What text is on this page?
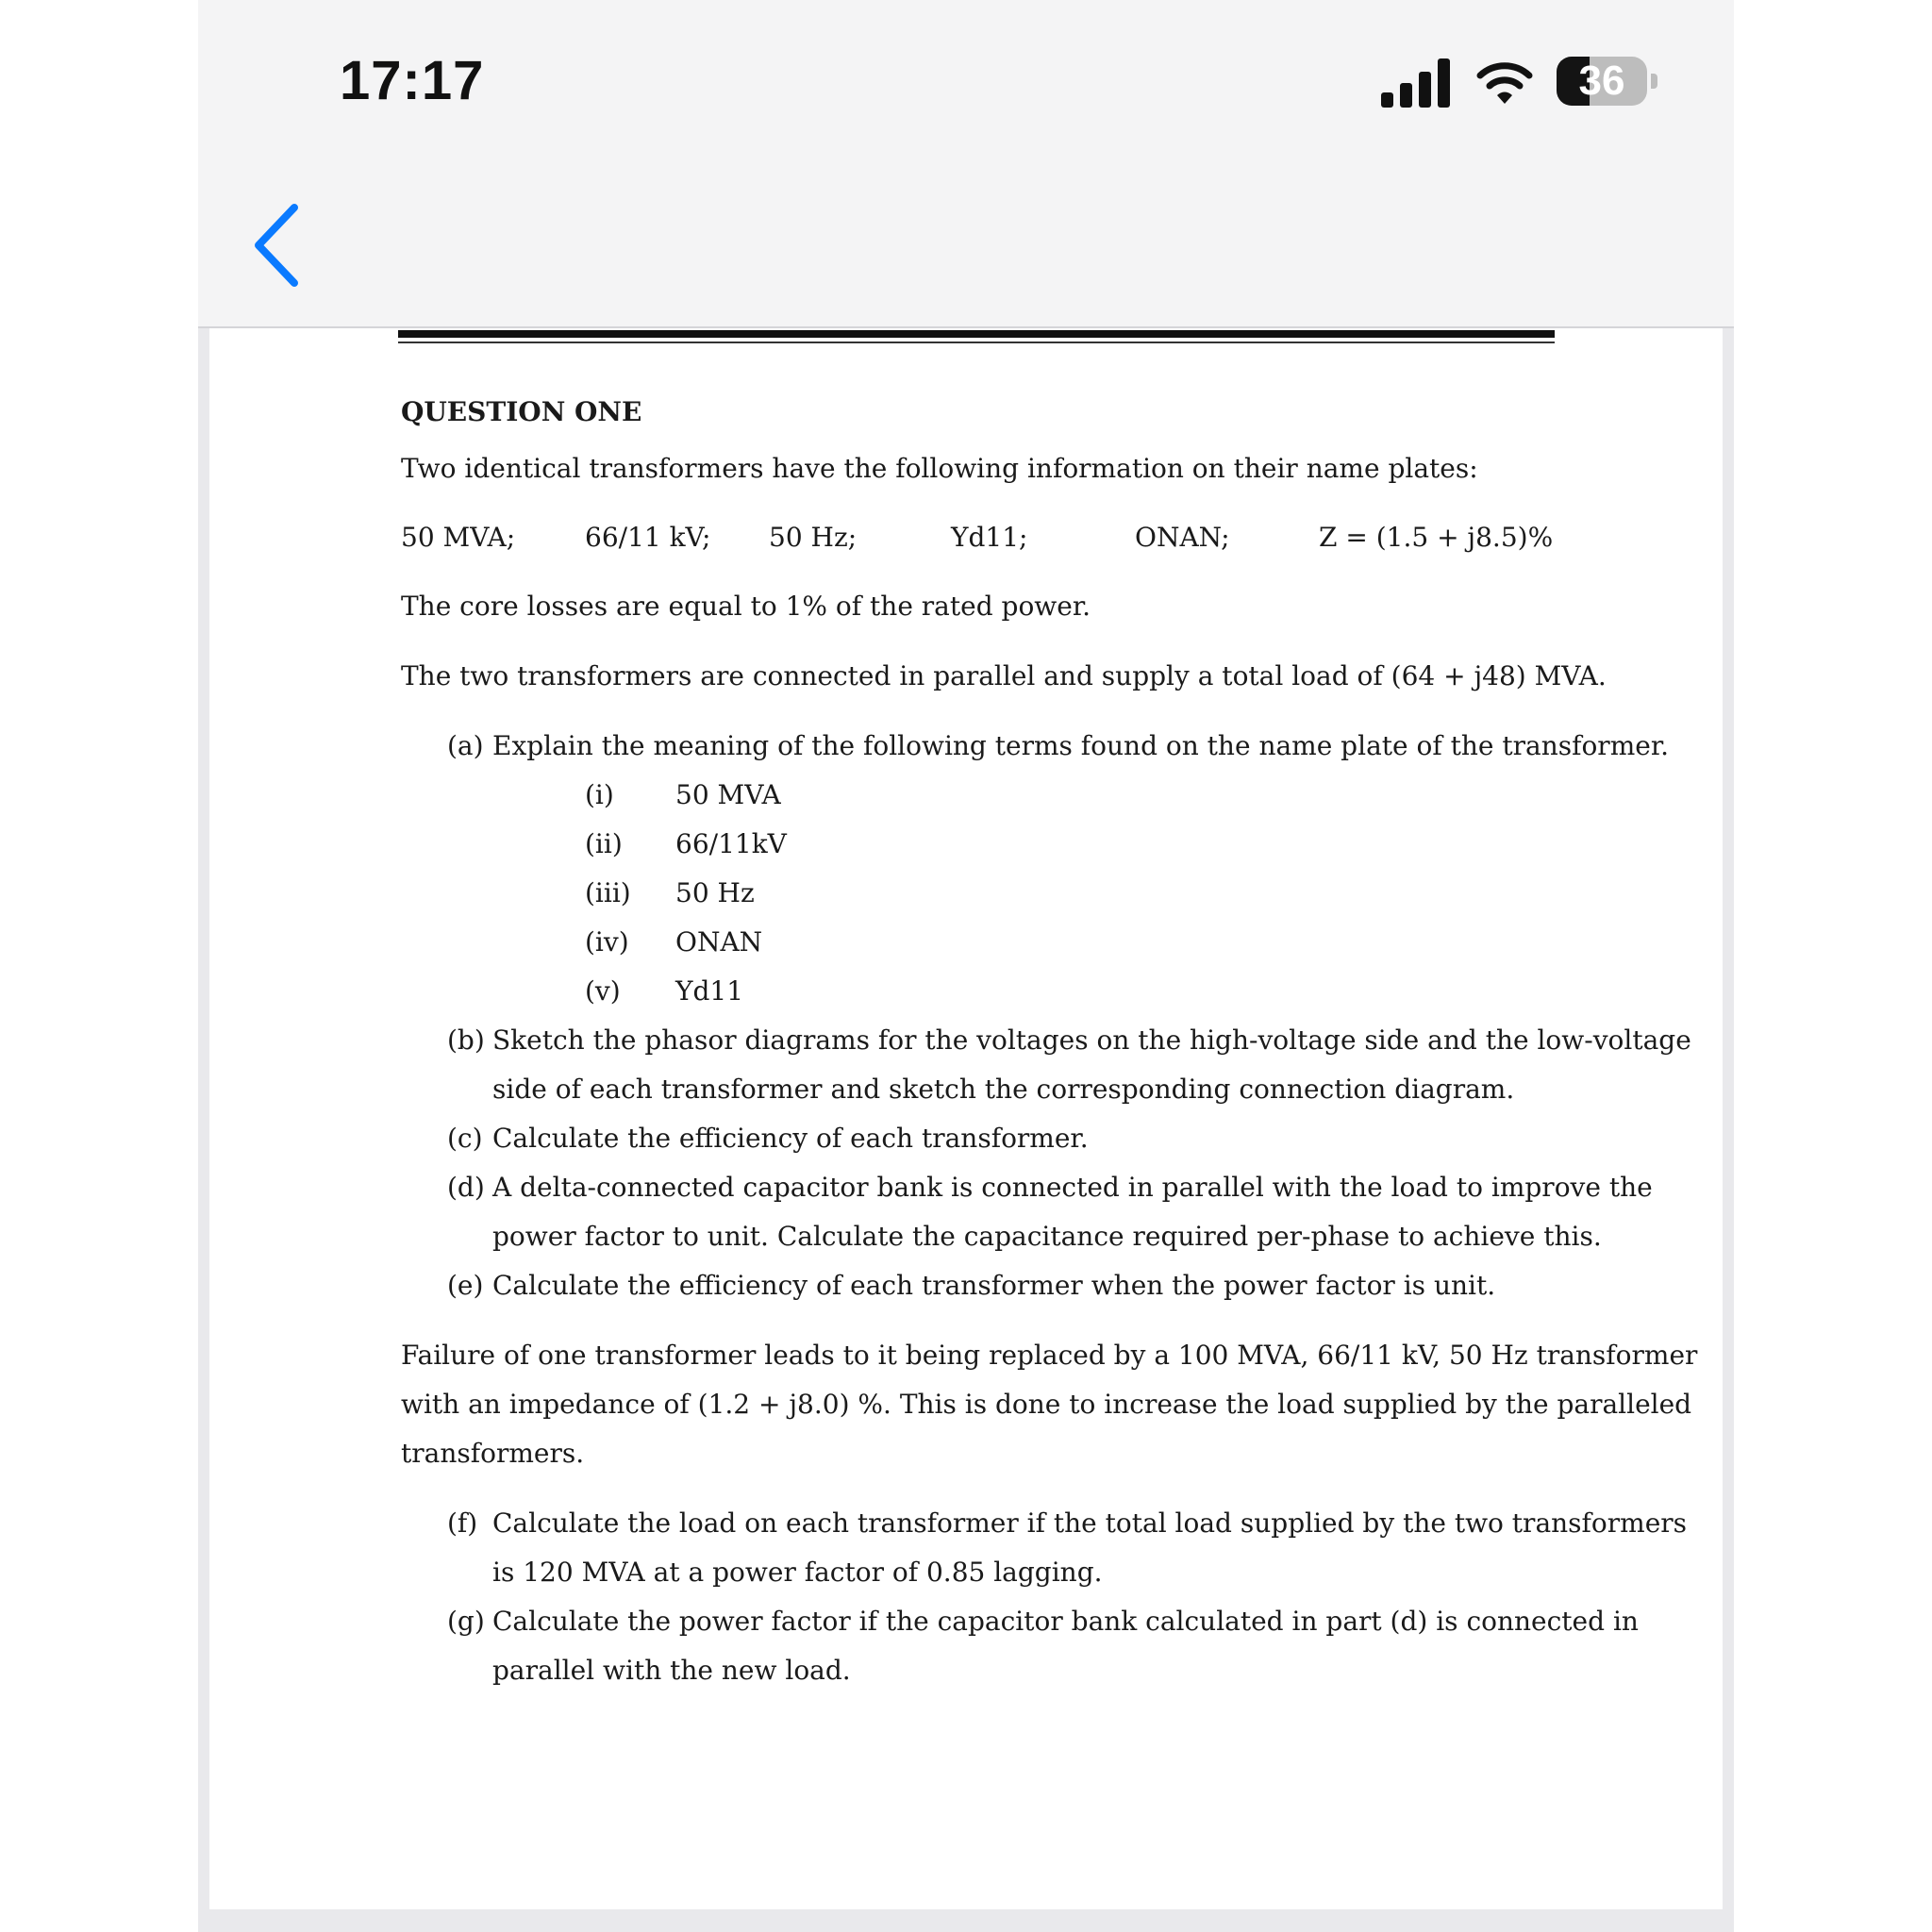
17:17	36
QUESTION ONE
Two identical transformers have the following information on their name plates:
50 MVA;	66/11 kV; 50 Hz;	Yd11;	ONAN;	Z = (1.5 + j8.5)%
The core losses are equal to 1% of the rated power.
The two transformers are connected in parallel and supply a total load of (64 + j48) MVA.
(a) Explain the meaning of the following terms found on the name plate of the transformer.
(i) 50 MVA
(ii) 66/11kV
(iii) 50 Hz
(iv) ONAN
(v) Yd11
(b) Sketch the phasor diagrams for the voltages on the high-voltage side and the low-voltage
side of each transformer and sketch the corresponding connection diagram.
(c) Calculate the efficiency of each transformer.
(d) A delta-connected capacitor bank is connected in parallel with the load to improve the
power factor to unit. Calculate the capacitance required per-phase to achieve this.
(e) Calculate the efficiency of each transformer when the power factor is unit.
Failure of one transformer leads to it being replaced by a 100 MVA, 66/11 kV, 50 Hz transformer
with an impedance of (1.2 + j8.0) %. This is done to increase the load supplied by the paralleled
transformers.
(f) Calculate the load on each transformer if the total load supplied by the two transformers
is 120 MVA at a power factor of 0.85 lagging.
(g) Calculate the power factor if the capacitor bank calculated in part (d) is connected in
parallel with the new load.
